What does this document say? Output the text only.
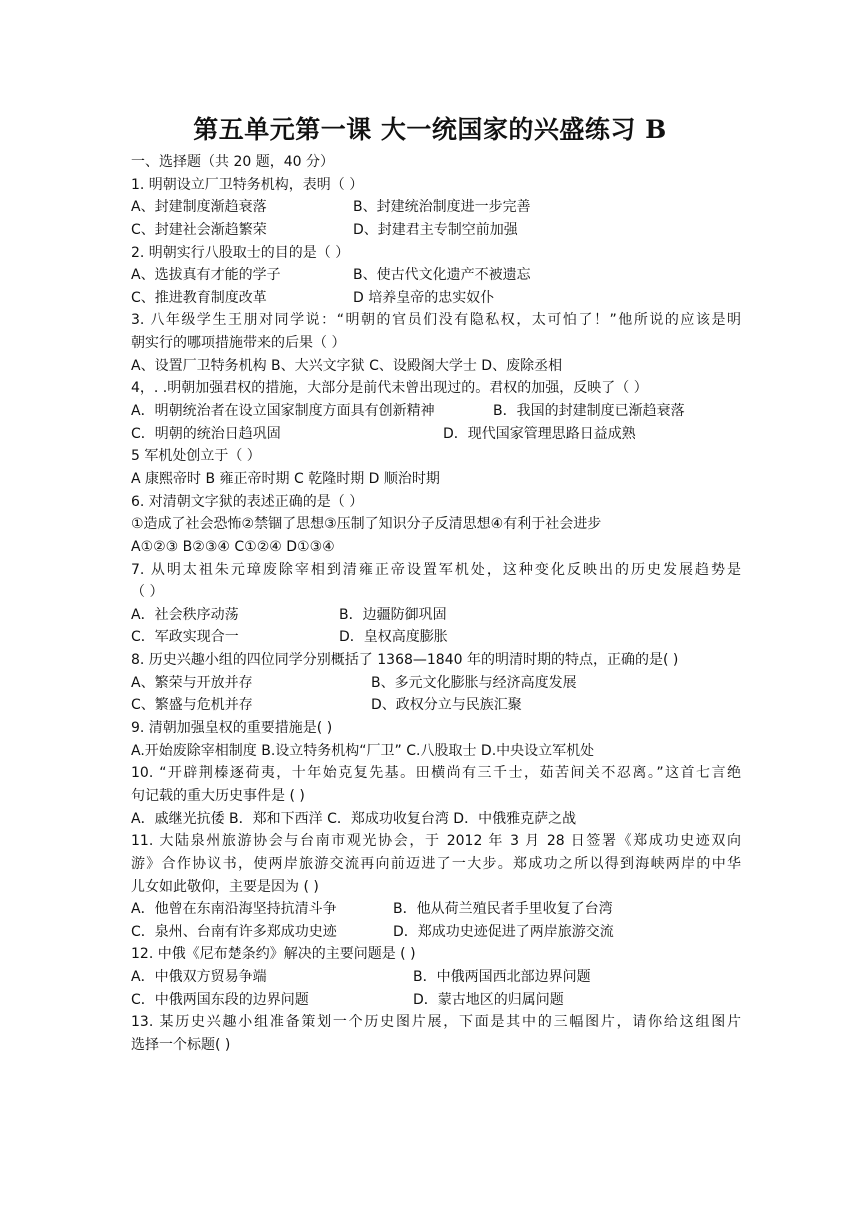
第五单元第一课 大一统国家的兴盛练习 B
一、选择题（共 20 题，40 分）
1. 明朝设立厂卫特务机构，表明（ ）
A、封建制度渐趋衰落	B、封建统治制度进一步完善
C、封建社会渐趋繁荣	D、封建君主专制空前加强
2. 明朝实行八股取士的目的是（ ）
A、选拔真有才能的学子	B、使古代文化遗产不被遗忘
C、推进教育制度改革	D 培养皇帝的忠实奴仆
3. 八年级学生王朋对同学说：“明朝的官员们没有隐私权，太可怕了！”他所说的应该是明
朝实行的哪项措施带来的后果（ ）
A、设置厂卫特务机构 B、大兴文字狱 C、设殿阁大学士 D、废除丞相
4，. .明朝加强君权的措施，大部分是前代未曾出现过的。君权的加强，反映了（ ）
A．明朝统治者在设立国家制度方面具有创新精神	B．我国的封建制度已渐趋衰落
C．明朝的统治日趋巩固	D．现代国家管理思路日益成熟
5 军机处创立于（ ）
A 康熙帝时 B 雍正帝时期 C 乾隆时期 D 顺治时期
6. 对清朝文字狱的表述正确的是（ ）
①造成了社会恐怖②禁锢了思想③压制了知识分子反清思想④有利于社会进步
A①②③ B②③④ C①②④ D①③④
7. 从明太祖朱元璋废除宰相到清雍正帝设置军机处，这种变化反映出的历史发展趋势是
（ ）
A．社会秩序动荡	B．边疆防御巩固
C．军政实现合一	D．皇权高度膨胀
8. 历史兴趣小组的四位同学分别概括了 1368—1840 年的明清时期的特点，正确的是( )
A、繁荣与开放并存	B、多元文化膨胀与经济高度发展
C、繁盛与危机并存	D、政权分立与民族汇聚
9. 清朝加强皇权的重要措施是( )
A.开始废除宰相制度 B.设立特务机构“厂卫” C.八股取士 D.中央设立军机处
10. “开辟荆榛逐荷夷，十年始克复先基。田横尚有三千士，茹苦间关不忍离。”这首七言绝
句记载的重大历史事件是 ( )
A．戚继光抗倭 B．郑和下西洋 C．郑成功收复台湾 D．中俄雅克萨之战
11. 大陆泉州旅游协会与台南市观光协会，于 2012 年 3 月 28 日签署《郑成功史迹双向
游》合作协议书，使两岸旅游交流再向前迈进了一大步。郑成功之所以得到海峡两岸的中华
儿女如此敬仰，主要是因为 ( )
A．他曾在东南沿海坚持抗清斗争	B．他从荷兰殖民者手里收复了台湾
C．泉州、台南有许多郑成功史迹	D．郑成功史迹促进了两岸旅游交流
12. 中俄《尼布楚条约》解决的主要问题是 ( )
A．中俄双方贸易争端	B．中俄两国西北部边界问题
C．中俄两国东段的边界问题	D．蒙古地区的归属问题
13. 某历史兴趣小组准备策划一个历史图片展，下面是其中的三幅图片，请你给这组图片
选择一个标题( )
